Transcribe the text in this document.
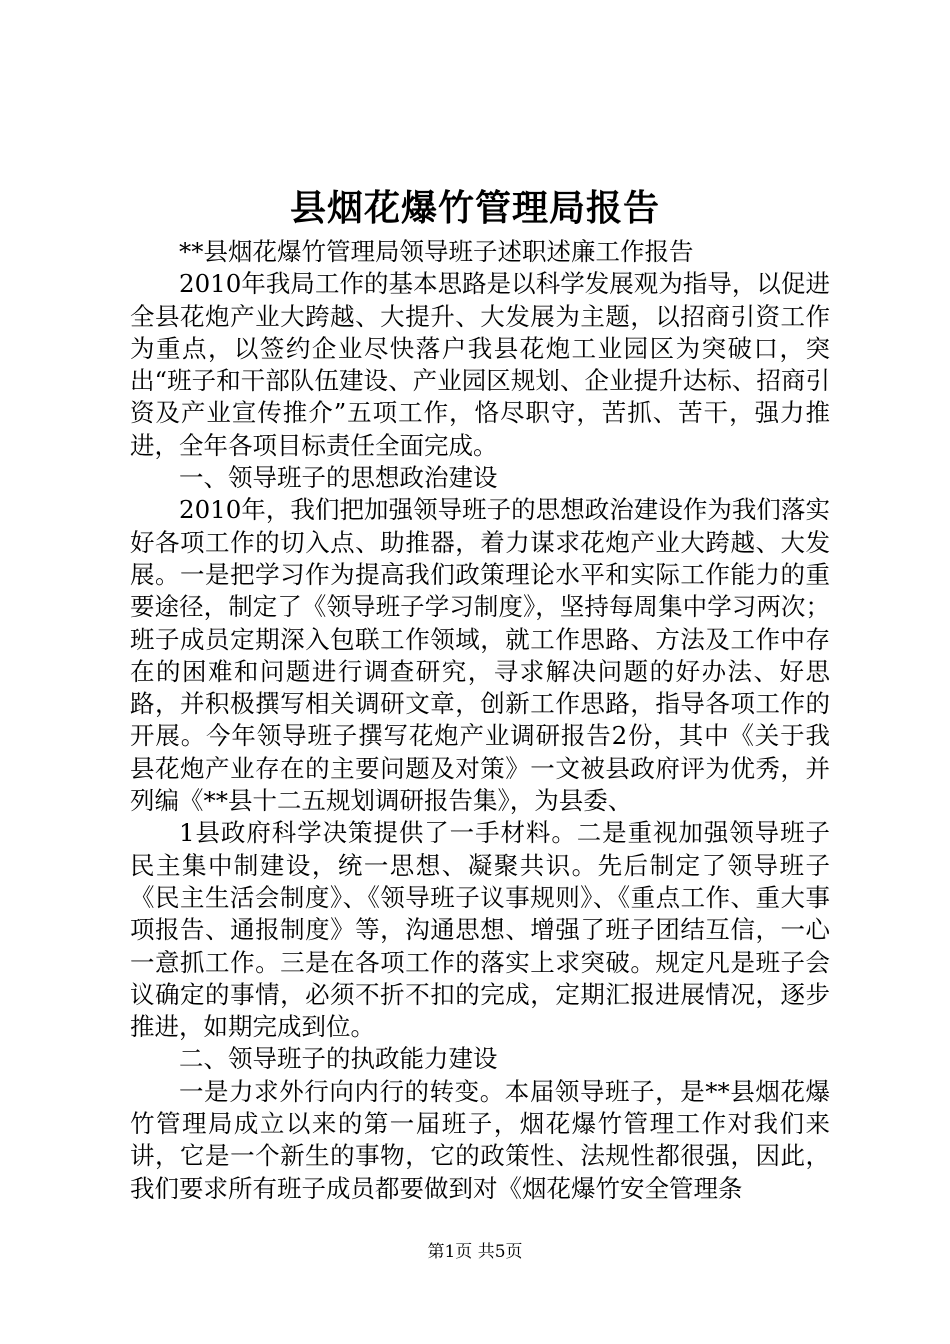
县烟花爆竹管理局报告

**县烟花爆竹管理局领导班子述职述廉工作报告

2010年我局工作的基本思路是以科学发展观为指导，以促进全县花炮产业大跨越、大提升、大发展为主题，以招商引资工作为重点，以签约企业尽快落户我县花炮工业园区为突破口，突出“班子和干部队伍建设、产业园区规划、企业提升达标、招商引资及产业宣传推介”五项工作，恪尽职守，苦抓、苦干，强力推进，全年各项目标责任全面完成。

一、领导班子的思想政治建设

2010年，我们把加强领导班子的思想政治建设作为我们落实好各项工作的切入点、助推器，着力谋求花炮产业大跨越、大发展。一是把学习作为提高我们政策理论水平和实际工作能力的重要途径，制定了《领导班子学习制度》，坚持每周集中学习两次；班子成员定期深入包联工作领域，就工作思路、方法及工作中存在的困难和问题进行调查研究，寻求解决问题的好办法、好思路，并积极撰写相关调研文章，创新工作思路，指导各项工作的开展。今年领导班子撰写花炮产业调研报告2份，其中《关于我县花炮产业存在的主要问题及对策》一文被县政府评为优秀，并列编《**县十二五规划调研报告集》，为县委、

1县政府科学决策提供了一手材料。二是重视加强领导班子民主集中制建设，统一思想、凝聚共识。先后制定了领导班子《民主生活会制度》、《领导班子议事规则》、《重点工作、重大事项报告、通报制度》等，沟通思想、增强了班子团结互信，一心一意抓工作。三是在各项工作的落实上求突破。规定凡是班子会议确定的事情，必须不折不扣的完成，定期汇报进展情况，逐步推进，如期完成到位。

二、领导班子的执政能力建设

一是力求外行向内行的转变。本届领导班子，是**县烟花爆竹管理局成立以来的第一届班子，烟花爆竹管理工作对我们来讲，它是一个新生的事物，它的政策性、法规性都很强，因此，我们要求所有班子成员都要做到对《烟花爆竹安全管理条

第1页 共5页
